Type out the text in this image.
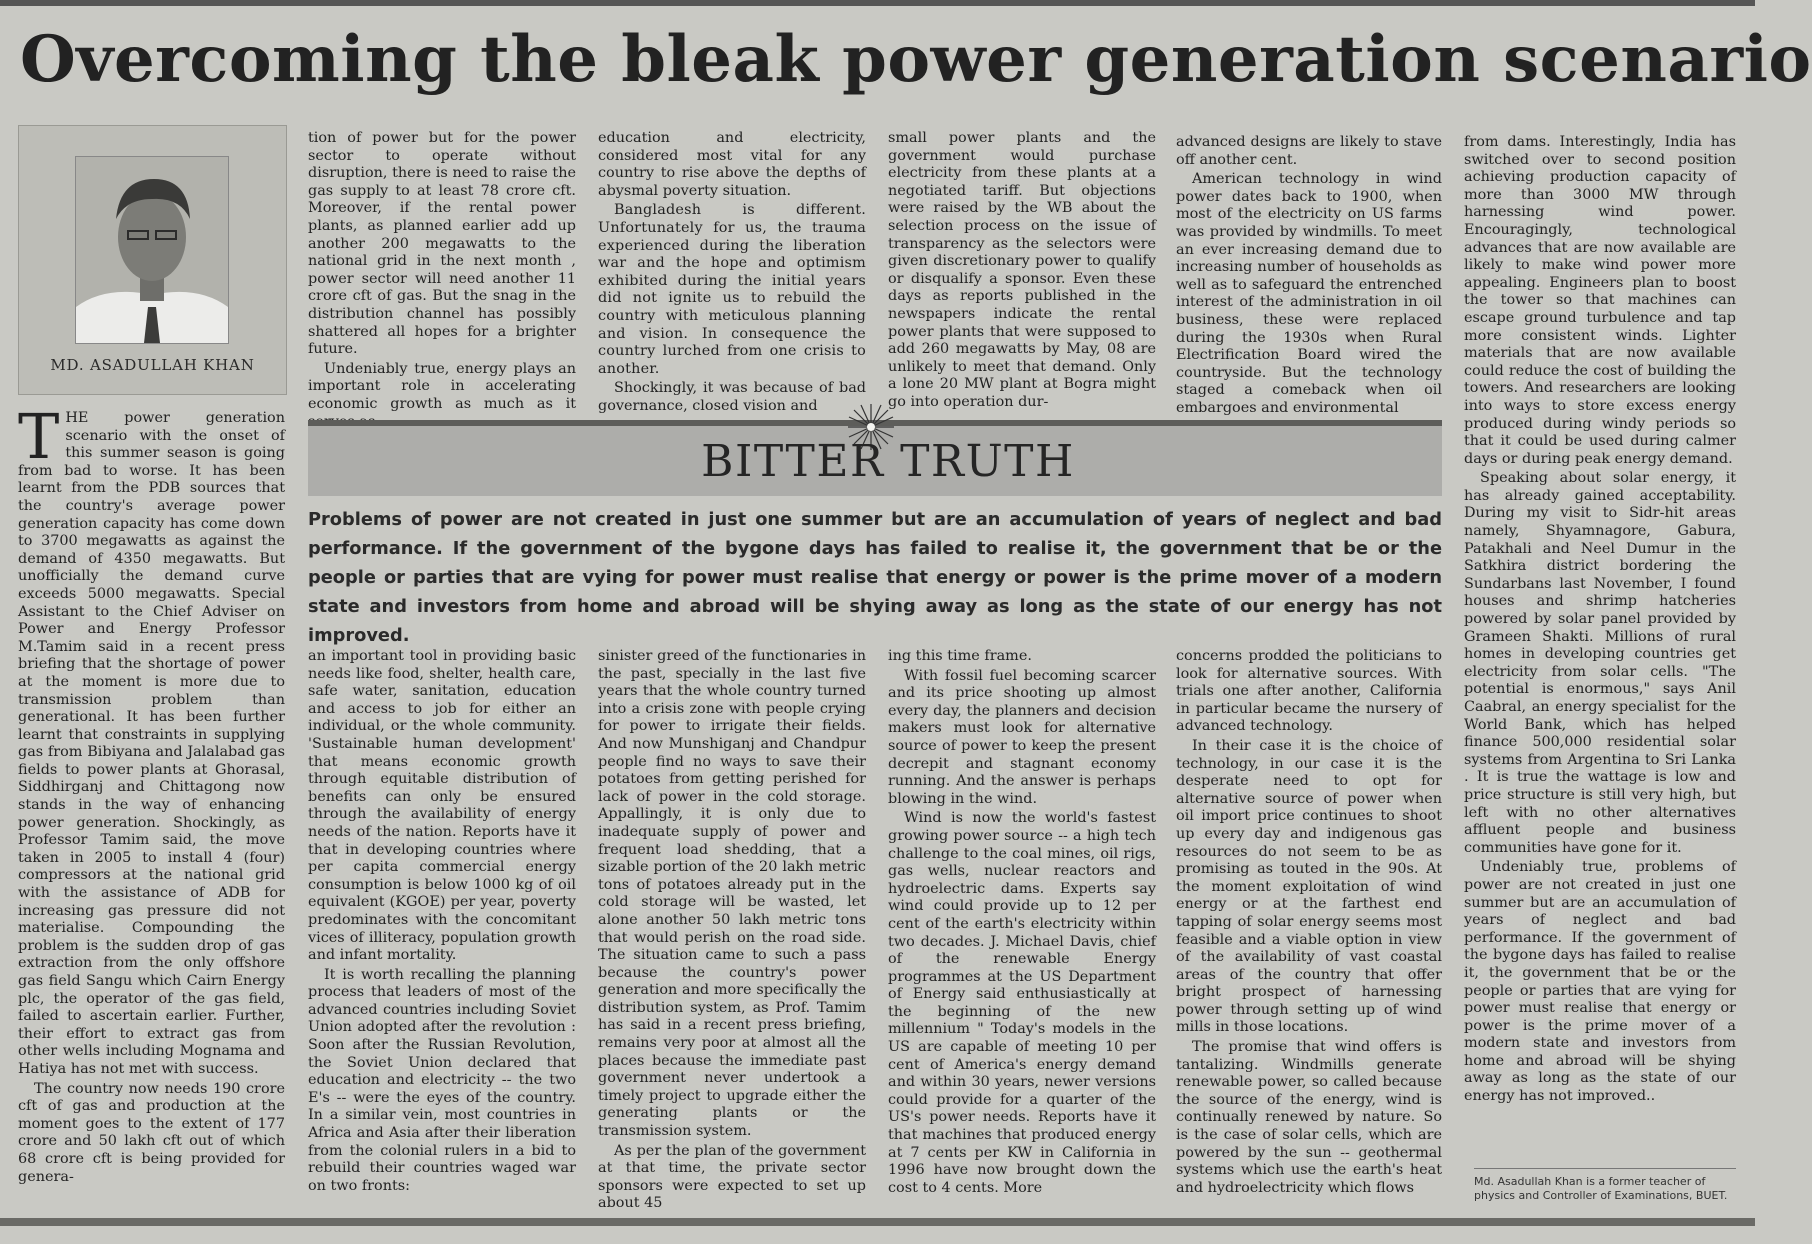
Overcoming the bleak power generation scenario
MD. ASADULLAH KHAN

THE power generation scenario with the onset of this summer season is going from bad to worse. It has been learnt from the PDB sources that the country's average power generation capacity has come down to 3700 megawatts as against the demand of 4350 megawatts. But unofficially the demand curve exceeds 5000 megawatts. Special Assistant to the Chief Adviser on Power and Energy Professor M.Tamim said in a recent press briefing that the shortage of power at the moment is more due to transmission problem than generational. It has been further learnt that constraints in supplying gas from Bibiyana and Jalalabad gas fields to power plants at Ghorasal, Siddhirganj and Chittagong now stands in the way of enhancing power generation. Shockingly, as Professor Tamim said, the move taken in 2005 to install 4 (four) compressors at the national grid with the assistance of ADB for increasing gas pressure did not materialise. Compounding the problem is the sudden drop of gas extraction from the only offshore gas field Sangu which Cairn Energy plc, the operator of the gas field, failed to ascertain earlier. Further, their effort to extract gas from other wells including Mognama and Hatiya has not met with success.

The country now needs 190 crore cft of gas and production at the moment goes to the extent of 177 crore and 50 lakh cft out of which 68 crore cft is being provided for genera-

tion of power but for the power sector to operate without disruption, there is need to raise the gas supply to at least 78 crore cft. Moreover, if the rental power plants, as planned earlier add up another 200 megawatts to the national grid in the next month , power sector will need another 11 crore cft of gas. But the snag in the distribution channel has possibly shattered all hopes for a brighter future.

Undeniably true, energy plays an important role in accelerating economic growth as much as it

education and electricity, considered most vital for any country to rise above the depths of abysmal poverty situation.

Bangladesh is different. Unfortunately for us, the trauma experienced during the liberation war and the hope and optimism exhibited during the initial years did not ignite us to rebuild the country with meticulous planning and vision. In consequence the country lurched from one crisis to another.

Shockingly, it was because of bad governance, closed vision and

small power plants and the government would purchase electricity from these plants at a negotiated tariff. But objections were raised by the WB about the selection process on the issue of transparency as the selectors were given discretionary power to qualify or disqualify a sponsor. Even these days as reports published in the newspapers indicate the rental power plants that were supposed to add 260 megawatts by May, 08 are unlikely to meet that demand. Only a lone 20 MW plant at Bogra might go into operation dur-

advanced designs are likely to stave off another cent.

American technology in wind power dates back to 1900, when most of the electricity on US farms was provided by windmills. To meet an ever increasing demand due to increasing number of households as well as to safeguard the entrenched interest of the administration in oil business, these were replaced during the 1930s when Rural Electrification Board wired the countryside. But the technology staged a comeback when oil embargoes and environmental

from dams. Interestingly, India has switched over to second position achieving production capacity of more than 3000 MW through harnessing wind power. Encouragingly, technological advances that are now available are likely to make wind power more appealing. Engineers plan to boost the tower so that machines can escape ground turbulence and tap more consistent winds. Lighter materials that are now available could reduce the cost of building the towers. And researchers are looking into ways to store excess energy produced during windy periods so that it could be used during calmer days or during peak energy demand.

Speaking about solar energy, it has already gained acceptability. During my visit to Sidr-hit areas namely, Shyamnagore, Gabura, Patakhali and Neel Dumur in the Satkhira district bordering the Sundarbans last November, I found houses and shrimp hatcheries powered by solar panel provided by Grameen Shakti. Millions of rural homes in developing countries get electricity from solar cells. "The potential is enormous," says Anil Caabral, an energy specialist for the World Bank, which has helped finance 500,000 residential solar systems from Argentina to Sri Lanka . It is true the wattage is low and price structure is still very high, but left with no other alternatives affluent people and business communities have gone for it.

Undeniably true, problems of power are not created in just one summer but are an accumulation of years of neglect and bad performance. If the government of the bygone days has failed to realise it, the government that be or the people or parties that are vying for power must realise that energy or power is the prime mover of a modern state and investors from home and abroad will be shying away as long as the state of our energy has not improved..

BITTER TRUTH
Problems of power are not created in just one summer but are an accumulation of years of neglect and bad performance. If the government of the bygone days has failed to realise it, the government that be or the people or parties that are vying for power must realise that energy or power is the prime mover of a modern state and investors from home and abroad will be shying away as long as the state of our energy has not improved.

an important tool in providing basic needs like food, shelter, health care, safe water, sanitation, education and access to job for either an individual, or the whole community. 'Sustainable human development' that means economic growth through equitable distribution of benefits can only be ensured through the availability of energy needs of the nation. Reports have it that in developing countries where per capita commercial energy consumption is below 1000 kg of oil equivalent (KGOE) per year, poverty predominates with the concomitant vices of illiteracy, population growth and infant mortality.

It is worth recalling the planning process that leaders of most of the advanced countries including Soviet Union adopted after the revolution : Soon after the Russian Revolution, the Soviet Union declared that education and electricity -- the two E's -- were the eyes of the country. In a similar vein, most countries in Africa and Asia after their liberation from the colonial rulers in a bid to rebuild their countries waged war on two fronts:

sinister greed of the functionaries in the past, specially in the last five years that the whole country turned into a crisis zone with people crying for power to irrigate their fields. And now Munshiganj and Chandpur people find no ways to save their potatoes from getting perished for lack of power in the cold storage. Appallingly, it is only due to inadequate supply of power and frequent load shedding, that a sizable portion of the 20 lakh metric tons of potatoes already put in the cold storage will be wasted, let alone another 50 lakh metric tons that would perish on the road side. The situation came to such a pass because the country's power generation and more specifically the distribution system, as Prof. Tamim has said in a recent press briefing, remains very poor at almost all the places because the immediate past government never undertook a timely project to upgrade either the generating plants or the transmission system.

As per the plan of the government at that time, the private sector sponsors were expected to set up about 45

ing this time frame.

With fossil fuel becoming scarcer and its price shooting up almost every day, the planners and decision makers must look for alternative source of power to keep the present decrepit and stagnant economy running. And the answer is perhaps blowing in the wind.

Wind is now the world's fastest growing power source -- a high tech challenge to the coal mines, oil rigs, gas wells, nuclear reactors and hydroelectric dams. Experts say wind could provide up to 12 per cent of the earth's electricity within two decades. J. Michael Davis, chief of the renewable Energy programmes at the US Department of Energy said enthusiastically at the beginning of the new millennium " Today's models in the US are capable of meeting 10 per cent of America's energy demand and within 30 years, newer versions could provide for a quarter of the US's power needs. Reports have it that machines that produced energy at 7 cents per KW in California in 1996 have now brought down the cost to 4 cents. More

concerns prodded the politicians to look for alternative sources. With trials one after another, California in particular became the nursery of advanced technology.

In their case it is the choice of technology, in our case it is the desperate need to opt for alternative source of power when oil import price continues to shoot up every day and indigenous gas resources do not seem to be as promising as touted in the 90s. At the moment exploitation of wind energy or at the farthest end tapping of solar energy seems most feasible and a viable option in view of the availability of vast coastal areas of the country that offer bright prospect of harnessing power through setting up of wind mills in those locations.

The promise that wind offers is tantalizing. Windmills generate renewable power, so called because the source of the energy, wind is continually renewed by nature. So is the case of solar cells, which are powered by the sun -- geothermal systems which use the earth's heat and hydroelectricity which flows	Md. Asadullah Khan is a former teacher of physics and Controller of Examinations, BUET.
